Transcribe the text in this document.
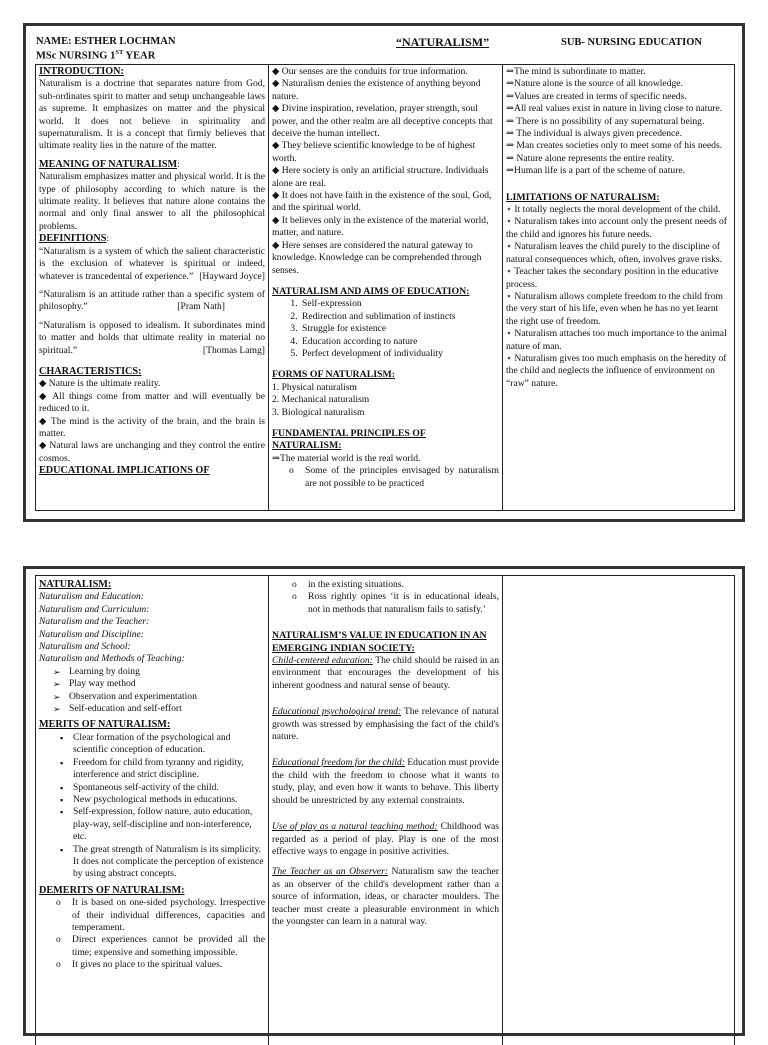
NAME: ESTHER LOCHMAN
MSc NURSING 1ST YEAR
“NATURALISM”	SUB- NURSING EDUCATION
INTRODUCTION:

Naturalism is a doctrine that separates nature from God, sub-ordinates spirit to matter and setup unchangeable laws as supreme. It emphasizes on matter and the physical world. It does not believe in spirituality and supernaturalism. It is a concept that firmly believes that ultimate reality lies in the nature of the matter.

MEANING OF NATURALISM:

Naturalism emphasizes matter and physical world. It is the type of philosophy according to which nature is the ultimate reality. It believes that nature alone contains the normal and only final answer to all the philosophical problems.

DEFINITIONS:

“Naturalism is a system of which the salient characteristic is the exclusion of whatever is spiritual or indeed, whatever is trancedental of experience.” [Hayward Joyce]

“Naturalism is an attitude rather than a specific system of philosophy.”	[Pram Nath]

“Naturalism is opposed to idealism. It subordinates mind to matter and holds that ultimate reality in material no spiritual.”	[Thomas Lamg]

CHARACTERISTICS:

◆ Nature is the ultimate reality.

◆ All things come from matter and will eventually be reduced to it.

◆ The mind is the activity of the brain, and the brain is matter.

◆ Natural laws are unchanging and they control the entire cosmos.

EDUCATIONAL IMPLICATIONS OF

◆ Our senses are the conduits for true information.

◆ Naturalism denies the existence of anything beyond nature.

◆ Divine inspiration, revelation, prayer strength, soul power, and the other realm are all deceptive concepts that deceive the human intellect.

◆ They believe scientific knowledge to be of highest worth.

◆ Here society is only an artificial structure. Individuals alone are real.

◆ It does not have faith in the existence of the soul, God, and the spiritual world.

◆ It believes only in the existence of the material world, matter, and nature.

◆ Here senses are considered the natural gateway to knowledge. Knowledge can be comprehended through senses.

NATURALISM AND AIMS OF EDUCATION:
1. Self-expression
2. Redirection and sublimation of instincts
3. Struggle for existence
4. Education according to nature
5. Perfect development of individuality
FORMS OF NATURALISM:

1. Physical naturalism

2. Mechanical naturalism

3. Biological naturalism

FUNDAMENTAL PRINCIPLES OF
NATURALISM:

⇒The material world is the real world.

o Some of the principles envisaged by naturalism are not possible to be practiced

⇒The mind is subordinate to matter.

⇒Nature alone is the source of all knowledge.

⇒Values are created in terms of specific needs.

⇒All real values exist in nature in living close to nature.

⇒ There is no possibility of any supernatural being.

⇒ The individual is always given precedence.

⇒ Man creates societies only to meet some of his needs.

⇒ Nature alone represents the entire reality.

⇒Human life is a part of the scheme of nature.

LIMITATIONS OF NATURALISM:

⋆ It totally neglects the moral development of the child.

⋆ Naturalism takes into account only the present needs of the child and ignores his future needs.

⋆ Naturalism leaves the child purely to the discipline of natural consequences which, often, involves grave risks.

⋆ Teacher takes the secondary position in the educative process.

⋆ Naturalism allows complete freedom to the child from the very start of his life, even when he has no yet learnt the right use of freedom.

⋆ Naturalism attaches too much importance to the animal nature of man.

⋆ Naturalism gives too much emphasis on the heredity of the child and neglects the influence of environment on “raw” nature.

NATURALISM:

Naturalism and Education:

Naturalism and Curriculum:

Naturalism and the Teacher:

Naturalism and Discipline:

Naturalism and School:

Naturalism and Methods of Teaching:

➢ Learning by doing
➢ Play way method
➢ Observation and experimentation
➢ Self-education and self-effort
MERITS OF NATURALISM:
▪ Clear formation of the psychological and scientific conception of education.
▪ Freedom for child from tyranny and rigidity, interference and strict discipline.
▪ Spontaneous self-activity of the child.
▪ New psychological methods in educations.
▪ Self-expression, follow nature, auto education, play-way, self-discipline and non-interference, etc.
▪ The great strength of Naturalism is its simplicity. It does not complicate the perception of existence by using abstract concepts.
DEMERITS OF NATURALISM:
o It is based on one-sided psychology. Irrespective of their individual differences, capacities and temperament.
o Direct experiences cannot be provided all the time; expensive and something impossible.
o It gives no place to the spiritual values.
o in the existing situations.
o Ross rightly opines ‘it is in educational ideals, not in methods that naturalism fails to satisfy.’
NATURALISM’S VALUE IN EDUCATION IN AN EMERGING INDIAN SOCIETY:

Child-centered education: The child should be raised in an environment that encourages the development of his inherent goodness and natural sense of beauty.

Educational psychological trend: The relevance of natural growth was stressed by emphasising the fact of the child's nature.

Educational freedom for the child: Education must provide the child with the freedom to choose what it wants to study, play, and even how it wants to behave. This liberty should be unrestricted by any external constraints.

Use of play as a natural teaching method: Childhood was regarded as a period of play. Play is one of the most effective ways to engage in positive activities.

The Teacher as an Observer: Naturalism saw the teacher as an observer of the child's development rather than a source of information, ideas, or character moulders. The teacher must create a pleasurable environment in which the youngster can learn in a natural way.
